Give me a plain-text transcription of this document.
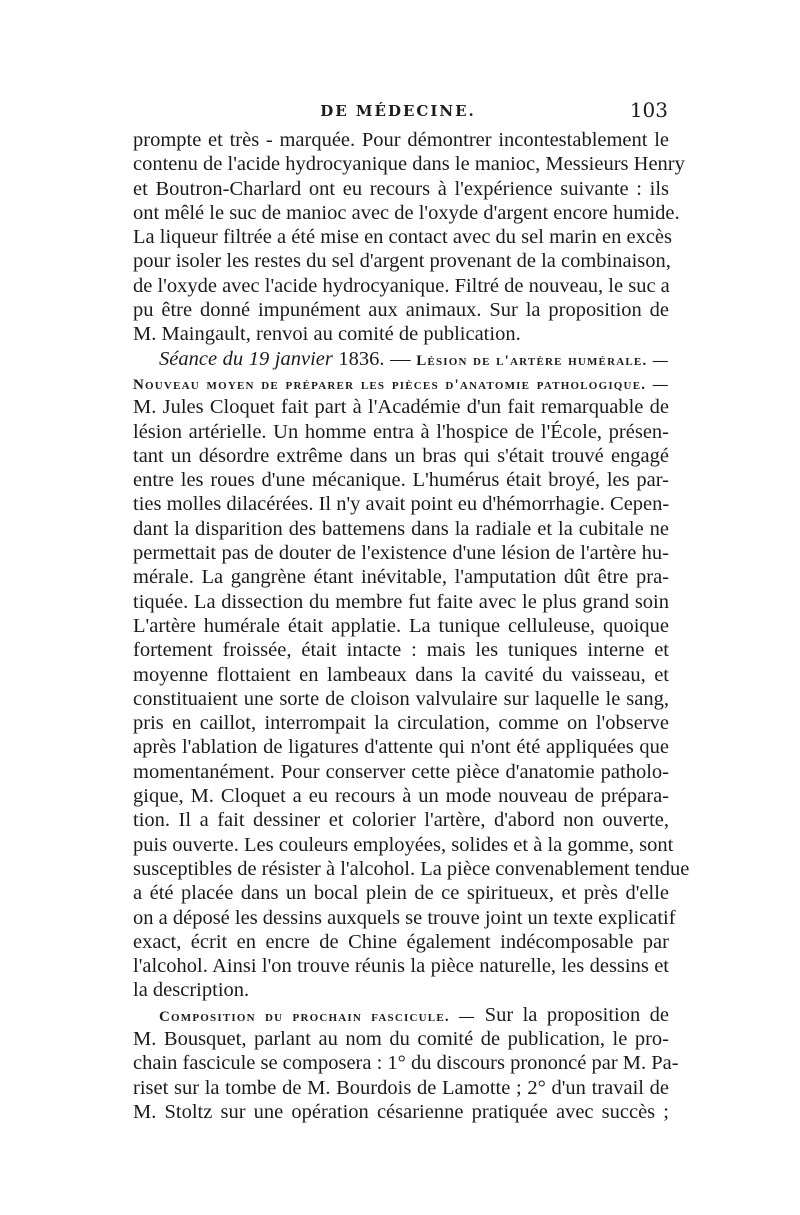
DE MÉDECINE.	103
prompte et très - marquée. Pour démontrer incontestablement le
contenu de l'acide hydrocyanique dans le manioc, Messieurs Henry
et Boutron-Charlard ont eu recours à l'expérience suivante : ils
ont mêlé le suc de manioc avec de l'oxyde d'argent encore humide.
La liqueur filtrée a été mise en contact avec du sel marin en excès
pour isoler les restes du sel d'argent provenant de la combinaison,
de l'oxyde avec l'acide hydrocyanique. Filtré de nouveau, le suc a
pu être donné impunément aux animaux. Sur la proposition de
M. Maingault, renvoi au comité de publication.
Séance du 19 janvier 1836. — Lésion de l'artère humérale. —
Nouveau moyen de préparer les pièces d'anatomie pathologique. —
M. Jules Cloquet fait part à l'Académie d'un fait remarquable de
lésion artérielle. Un homme entra à l'hospice de l'École, présen-
tant un désordre extrême dans un bras qui s'était trouvé engagé
entre les roues d'une mécanique. L'humérus était broyé, les par-
ties molles dilacérées. Il n'y avait point eu d'hémorrhagie. Cepen-
dant la disparition des battemens dans la radiale et la cubitale ne
permettait pas de douter de l'existence d'une lésion de l'artère hu-
mérale. La gangrène étant inévitable, l'amputation dût être pra-
tiquée. La dissection du membre fut faite avec le plus grand soin
L'artère humérale était applatie. La tunique celluleuse, quoique
fortement froissée, était intacte : mais les tuniques interne et
moyenne flottaient en lambeaux dans la cavité du vaisseau, et
constituaient une sorte de cloison valvulaire sur laquelle le sang,
pris en caillot, interrompait la circulation, comme on l'observe
après l'ablation de ligatures d'attente qui n'ont été appliquées que
momentanément. Pour conserver cette pièce d'anatomie patholo-
gique, M. Cloquet a eu recours à un mode nouveau de prépara-
tion. Il a fait dessiner et colorier l'artère, d'abord non ouverte,
puis ouverte. Les couleurs employées, solides et à la gomme, sont
susceptibles de résister à l'alcohol. La pièce convenablement tendue
a été placée dans un bocal plein de ce spiritueux, et près d'elle
on a déposé les dessins auxquels se trouve joint un texte explicatif
exact, écrit en encre de Chine également indécomposable par
l'alcohol. Ainsi l'on trouve réunis la pièce naturelle, les dessins et
la description.
Composition du prochain fascicule. — Sur la proposition de
M. Bousquet, parlant au nom du comité de publication, le pro-
chain fascicule se composera : 1° du discours prononcé par M. Pa-
riset sur la tombe de M. Bourdois de Lamotte ; 2° d'un travail de
M. Stoltz sur une opération césarienne pratiquée avec succès ;
